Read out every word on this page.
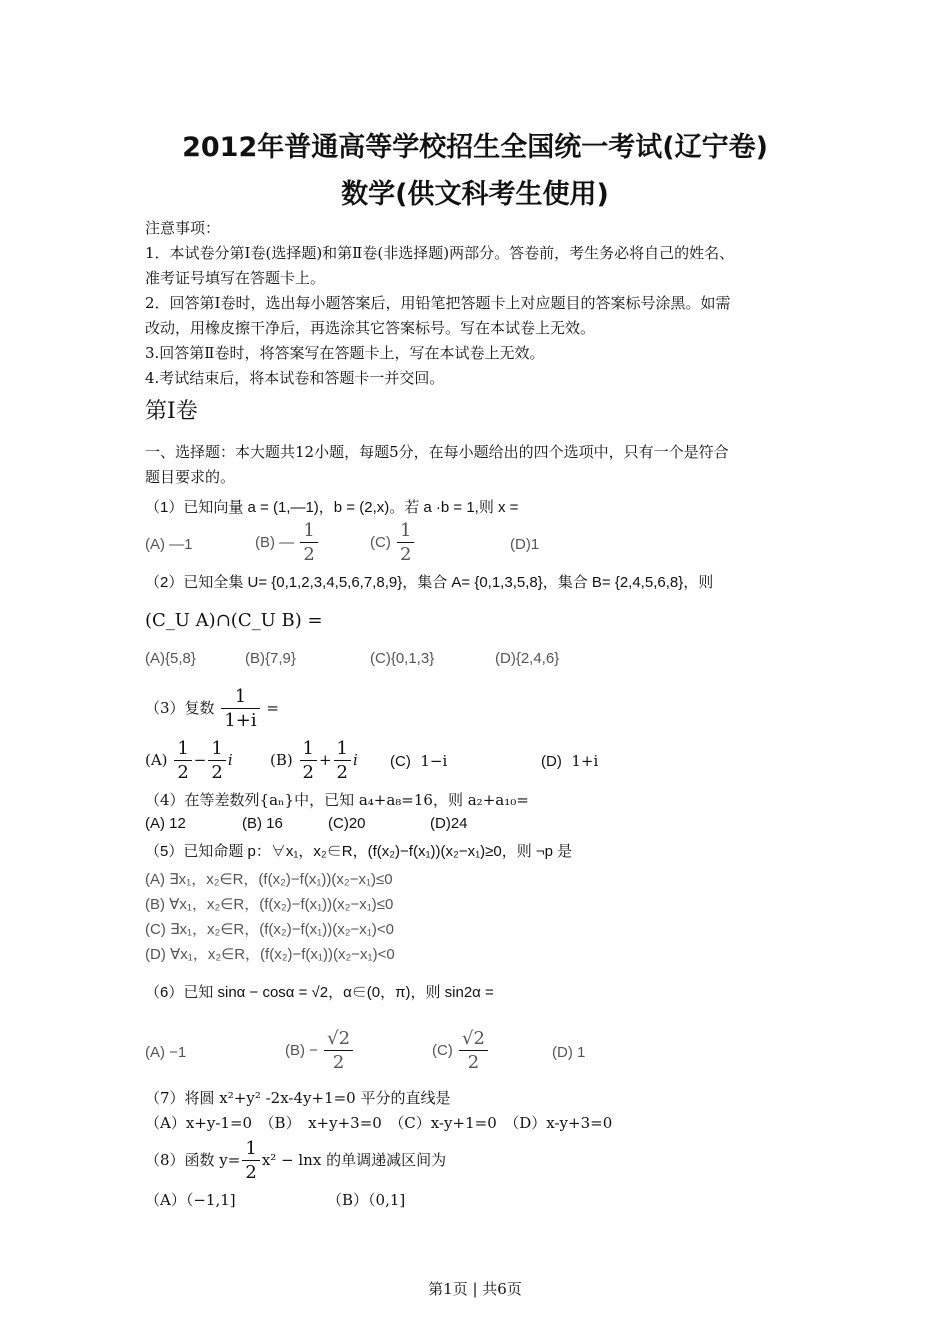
2012年普通高等学校招生全国统一考试(辽宁卷)
数学(供文科考生使用)
注意事项：
1．本试卷分第Ⅰ卷(选择题)和第Ⅱ卷(非选择题)两部分。答卷前，考生务必将自己的姓名、
准考证号填写在答题卡上。
2．回答第Ⅰ卷时，选出每小题答案后，用铅笔把答题卡上对应题目的答案标号涂黑。如需
改动，用橡皮擦干净后，再选涂其它答案标号。写在本试卷上无效。
3.回答第Ⅱ卷时，将答案写在答题卡上，写在本试卷上无效。
4.考试结束后，将本试卷和答题卡一并交回。
第Ⅰ卷
一、选择题：本大题共12小题，每题5分，在每小题给出的四个选项中，只有一个是符合
题目要求的。
（1）已知向量 a = (1,—1)，b = (2,x)。若 a ·b = 1,则 x =
(A) —1	(B) — $\frac{1}{2}$	$(C) \frac{1}{2}$	(D)1
（2）已知全集 U= {0,1,2,3,4,5,6,7,8,9}，集合 A= {0,1,3,5,8}，集合 B= {2,4,5,6,8}，则
(C_U A)∩(C_U B) =
(A){5,8}	(B){7,9}	(C){0,1,3}	(D){2,4,6}
（3）复数 $\frac{1}{1+i}$ =
$(A) \frac{1}{2} - \frac{1}{2}$ i $(B) \frac{1}{2} + \frac{1}{2}$ i (C) 1−i	(D) 1+i
（4）在等差数列{aₙ}中，已知 a₄+a₈=16，则 a₂+a₁₀=
(A) 12	(B) 16	(C)20	(D)24
（5）已知命题 p：∀x₁，x₂∈R，(f(x₂)−f(x₁))(x₂−x₁)≥0，则 ¬p 是
(A) ∃x₁，x₂∈R，(f(x₂)−f(x₁))(x₂−x₁)≤0
(B) ∀x₁，x₂∈R，(f(x₂)−f(x₁))(x₂−x₁)≤0
(C) ∃x₁，x₂∈R，(f(x₂)−f(x₁))(x₂−x₁)<0
(D) ∀x₁，x₂∈R，(f(x₂)−f(x₁))(x₂−x₁)<0
（6）已知 sinα − cosα = √2，α∈(0，π)，则 sin2α =
(A) −1	$(B) - \frac{√2}{2}$	$(C) \frac{√2}{2}$	(D) 1
（7）将圆 x²+y² -2x-4y+1=0 平分的直线是
（A）x+y-1=0　（B）　x+y+3=0　（C）x-y+1=0　（D）x-y+3=0
（8）函数 $y= \frac{1}{2} x^2 - \ln x$ 的单调递减区间为
（A）（−1,1]	（B）（0,1]
第1页 | 共6页
